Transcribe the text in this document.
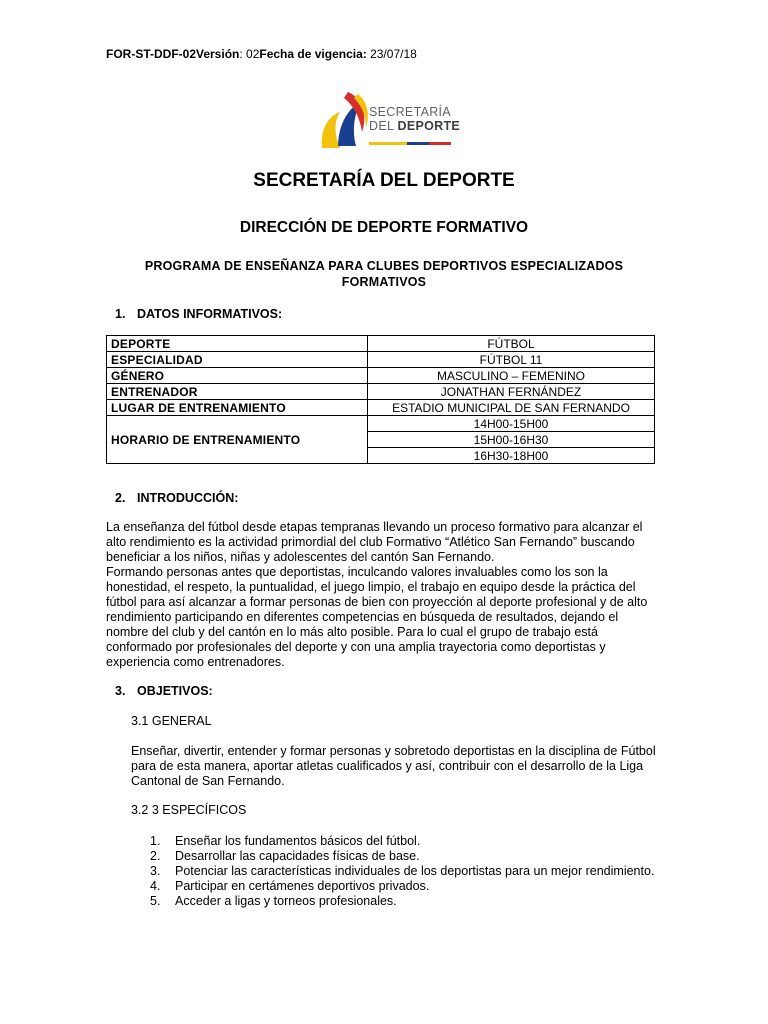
FOR-ST-DDF-02Versión: 02Fecha de vigencia: 23/07/18
SECRETARÍA
DEL DEPORTE
SECRETARÍA DEL DEPORTE
DIRECCIÓN DE DEPORTE FORMATIVO
PROGRAMA DE ENSEÑANZA PARA CLUBES DEPORTIVOS ESPECIALIZADOS
FORMATIVOS
1. DATOS INFORMATIVOS:
DEPORTE	FÚTBOL
ESPECIALIDAD	FÚTBOL 11
GÉNERO	MASCULINO – FEMENINO
ENTRENADOR	JONATHAN FERNÁNDEZ
LUGAR DE ENTRENAMIENTO	ESTADIO MUNICIPAL DE SAN FERNANDO
HORARIO DE ENTRENAMIENTO	14H00-15H00
	15H00-16H30
	16H30-18H00
2. INTRODUCCIÓN:
La enseñanza del fútbol desde etapas tempranas llevando un proceso formativo para alcanzar el
alto rendimiento es la actividad primordial del club Formativo “Atlético San Fernando” buscando
beneficiar a los niños, niñas y adolescentes del cantón San Fernando.
Formando personas antes que deportistas, inculcando valores invaluables como los son la
honestidad, el respeto, la puntualidad, el juego limpio, el trabajo en equipo desde la práctica del
fútbol para así alcanzar a formar personas de bien con proyección al deporte profesional y de alto
rendimiento participando en diferentes competencias en búsqueda de resultados, dejando el
nombre del club y del cantón en lo más alto posible. Para lo cual el grupo de trabajo está
conformado por profesionales del deporte y con una amplia trayectoria como deportistas y
experiencia como entrenadores.
3. OBJETIVOS:
3.1 GENERAL
Enseñar, divertir, entender y formar personas y sobretodo deportistas en la disciplina de Fútbol
para de esta manera, aportar atletas cualificados y así, contribuir con el desarrollo de la Liga
Cantonal de San Fernando.
3.2 3 ESPECÍFICOS
1. Enseñar los fundamentos básicos del fútbol.
2. Desarrollar las capacidades físicas de base.
3. Potenciar las características individuales de los deportistas para un mejor rendimiento.
4. Participar en certámenes deportivos privados.
5. Acceder a ligas y torneos profesionales.
